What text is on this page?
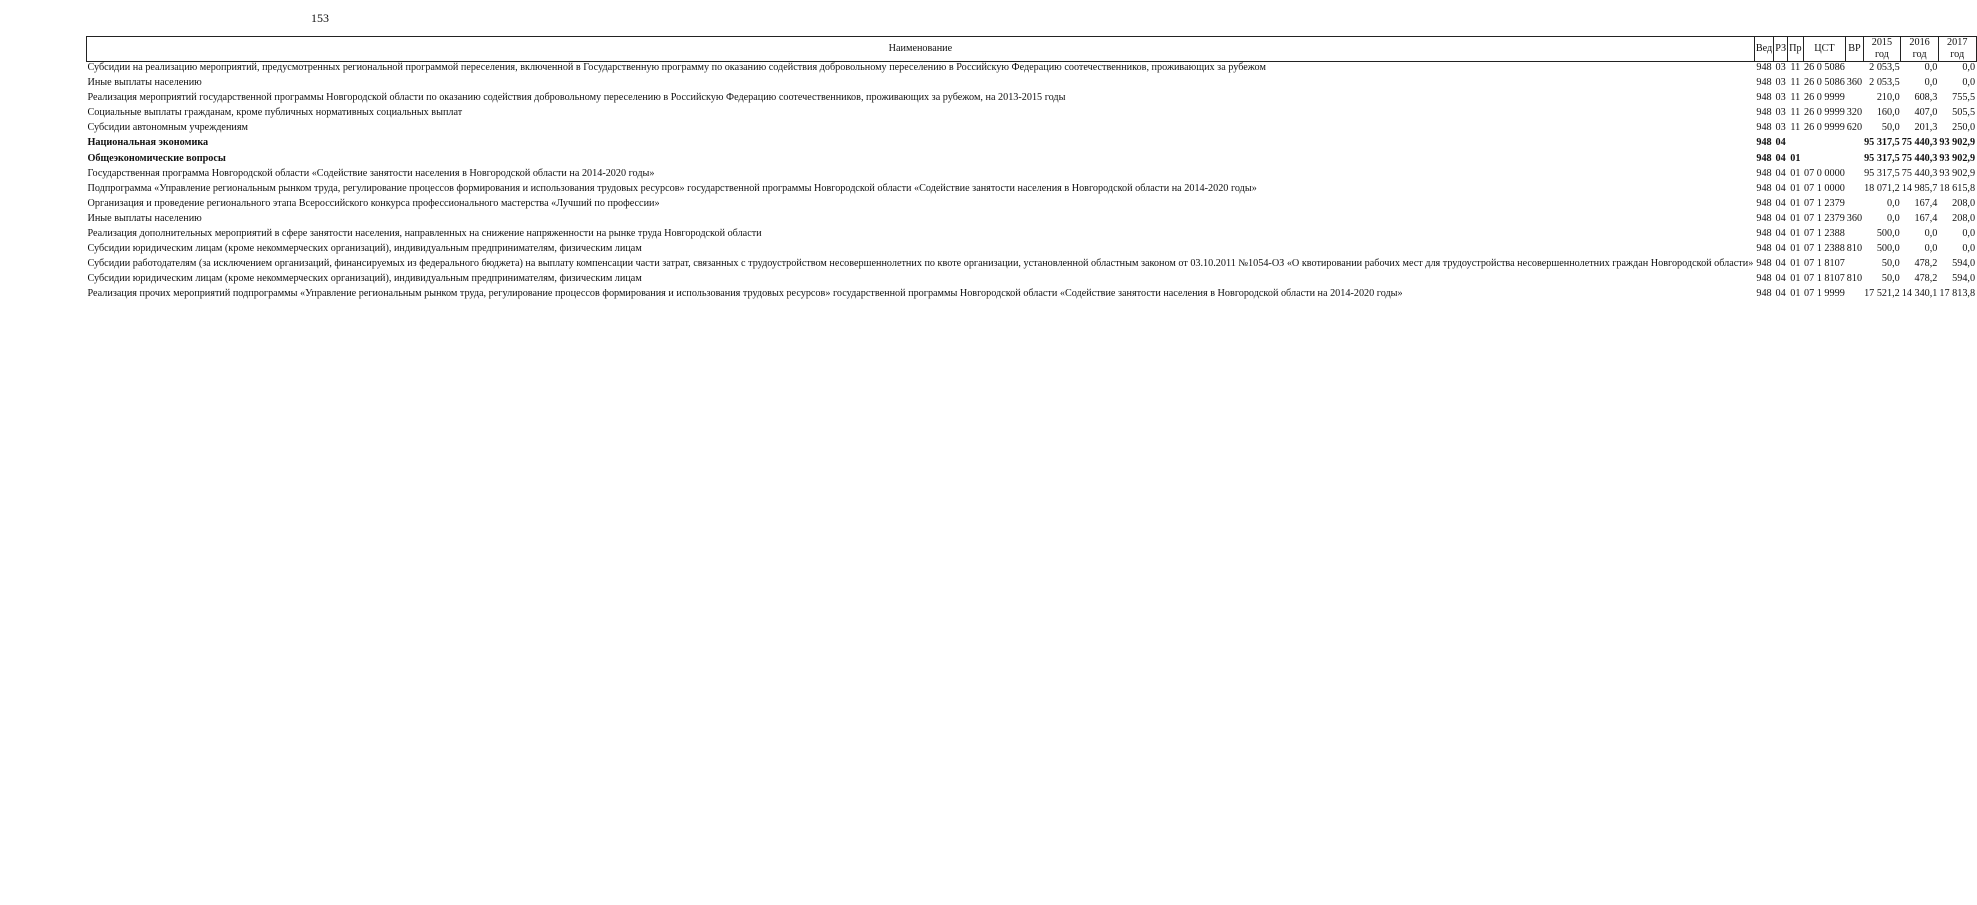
153
Наименование	Вед	РЗ	Пр	ЦСТ	ВР	2015 год	2016 год	2017 год
Субсидии на реализацию мероприятий, предусмотренных региональной программой переселения, включенной в Государственную программу по оказанию содействия добровольному переселению в Российскую Федерацию соотечественников, проживающих за рубежом	948	03	11	26 0 5086		2 053,5	0,0	0,0
Иные выплаты населению	948	03	11	26 0 5086	360	2 053,5	0,0	0,0
Реализация мероприятий государственной программы Новгородской области по оказанию содействия добровольному переселению в Российскую Федерацию соотечественников, проживающих за рубежом, на 2013-2015 годы	948	03	11	26 0 9999		210,0	608,3	755,5
Социальные выплаты гражданам, кроме публичных нормативных социальных выплат	948	03	11	26 0 9999	320	160,0	407,0	505,5
Субсидии автономным учреждениям	948	03	11	26 0 9999	620	50,0	201,3	250,0
Национальная экономика	948	04				95 317,5	75 440,3	93 902,9
Общеэкономические вопросы	948	04	01			95 317,5	75 440,3	93 902,9
Государственная программа Новгородской области «Содействие занятости населения в Новгородской области на 2014-2020 годы»	948	04	01	07 0 0000		95 317,5	75 440,3	93 902,9
Подпрограмма «Управление региональным рынком труда, регулирование процессов формирования и использования трудовых ресурсов» государственной программы Новгородской области «Содействие занятости населения в Новгородской области на 2014-2020 годы»	948	04	01	07 1 0000		18 071,2	14 985,7	18 615,8
Организация и проведение регионального этапа Всероссийского конкурса профессионального мастерства «Лучший по профессии»	948	04	01	07 1 2379		0,0	167,4	208,0
Иные выплаты населению	948	04	01	07 1 2379	360	0,0	167,4	208,0
Реализация дополнительных мероприятий в сфере занятости населения, направленных на снижение напряженности на рынке труда Новгородской области	948	04	01	07 1 2388		500,0	0,0	0,0
Субсидии юридическим лицам (кроме некоммерческих организаций), индивидуальным предпринимателям, физическим лицам	948	04	01	07 1 2388	810	500,0	0,0	0,0
Субсидии работодателям (за исключением организаций, финансируемых из федерального бюджета) на выплату компенсации части затрат, связанных с трудоустройством несовершеннолетних по квоте организации, установленной областным законом от 03.10.2011 №1054-ОЗ «О квотировании рабочих мест для трудоустройства несовершеннолетних граждан Новгородской области»	948	04	01	07 1 8107		50,0	478,2	594,0
Субсидии юридическим лицам (кроме некоммерческих организаций), индивидуальным предпринимателям, физическим лицам	948	04	01	07 1 8107	810	50,0	478,2	594,0
Реализация прочих мероприятий подпрограммы «Управление региональным рынком труда, регулирование процессов формирования и использования трудовых ресурсов» государственной программы Новгородской области «Содействие занятости населения в Новгородской области на 2014-2020 годы»	948	04	01	07 1 9999		17 521,2	14 340,1	17 813,8
